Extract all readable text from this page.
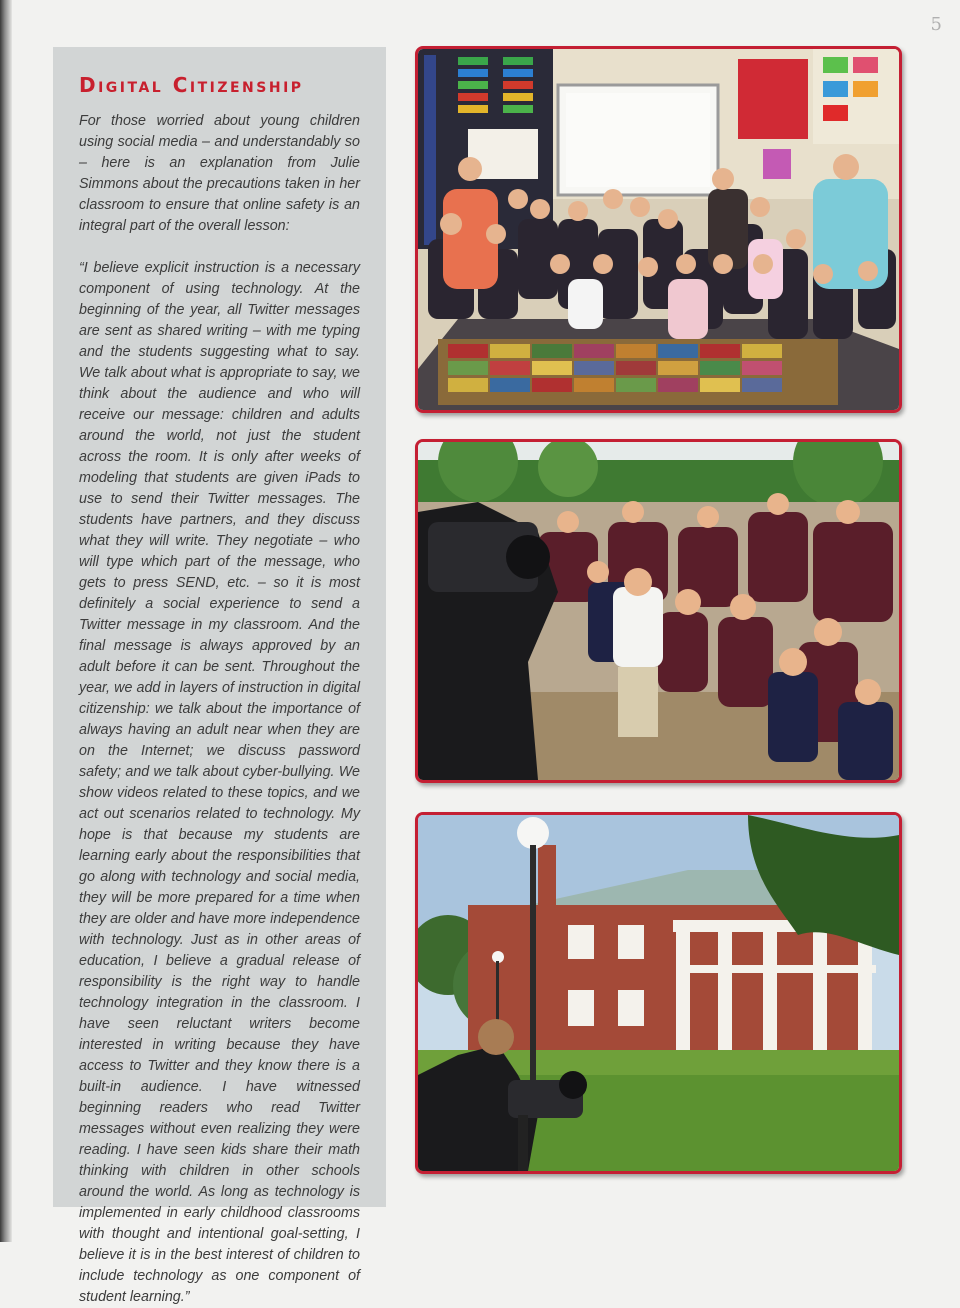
5
Digital Citizenship

For those worried about young children using social media – and understandably so – here is an explanation from Julie Simmons about the precautions taken in her classroom to ensure that online safety is an integral part of the overall lesson:

“I believe explicit instruction is a necessary component of using technology. At the beginning of the year, all Twitter messages are sent as shared writing – with me typing and the students suggesting what to say. We talk about what is appropriate to say, we think about the audience and who will receive our message: children and adults around the world, not just the student across the room. It is only after weeks of modeling that students are given iPads to use to send their Twitter messages. The students have partners, and they discuss what they will write. They negotiate – who will type which part of the message, who gets to press SEND, etc. – so it is most definitely a social experience to send a Twitter message in my classroom. And the final message is always approved by an adult before it can be sent. Throughout the year, we add in layers of instruction in digital citizenship: we talk about the importance of always having an adult near when they are on the Internet; we discuss password safety; and we talk about cyber-bullying. We show videos related to these topics, and we act out scenarios related to technology. My hope is that because my students are learning early about the responsibilities that go along with technology and social media, they will be more prepared for a time when they are older and have more independence with technology. Just as in other areas of education, I believe a gradual release of responsibility is the right way to handle technology integration in the classroom. I have seen reluctant writers become interested in writing because they have access to Twitter and they know there is a built-in audience. I have witnessed beginning readers who read Twitter messages without even realizing they were reading. I have seen kids share their math thinking with children in other schools around the world. As long as technology is implemented in early childhood classrooms with thought and intentional goal-setting, I believe it is in the best interest of children to include technology as one component of student learning.”
